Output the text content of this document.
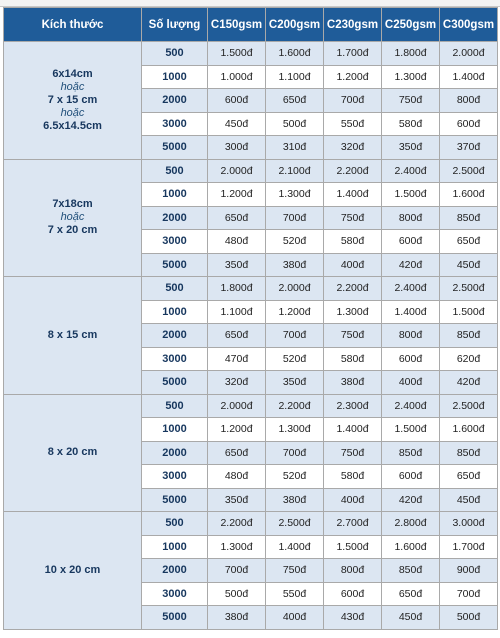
Kích thước	Số lượng	C150gsm	C200gsm	C230gsm	C250gsm	C300gsm

6x14cm
hoặc
7 x 15 cm
hoặc
6.5x14.5cm	500	1.500đ	1.600đ	1.700đ	1.800đ	2.000đ
	1000	1.000đ	1.100đ	1.200đ	1.300đ	1.400đ
	2000	600đ	650đ	700đ	750đ	800đ
	3000	450đ	500đ	550đ	580đ	600đ
	5000	300đ	310đ	320đ	350đ	370đ

7x18cm
hoặc
7 x 20 cm	500	2.000đ	2.100đ	2.200đ	2.400đ	2.500đ
	1000	1.200đ	1.300đ	1.400đ	1.500đ	1.600đ
	2000	650đ	700đ	750đ	800đ	850đ
	3000	480đ	520đ	580đ	600đ	650đ
	5000	350đ	380đ	400đ	420đ	450đ

8 x 15 cm	500	1.800đ	2.000đ	2.200đ	2.400đ	2.500đ
	1000	1.100đ	1.200đ	1.300đ	1.400đ	1.500đ
	2000	650đ	700đ	750đ	800đ	850đ
	3000	470đ	520đ	580đ	600đ	620đ
	5000	320đ	350đ	380đ	400đ	420đ

8 x 20 cm	500	2.000đ	2.200đ	2.300đ	2.400đ	2.500đ
	1000	1.200đ	1.300đ	1.400đ	1.500đ	1.600đ
	2000	650đ	700đ	750đ	850đ	850đ
	3000	480đ	520đ	580đ	600đ	650đ
	5000	350đ	380đ	400đ	420đ	450đ

10 x 20 cm	500	2.200đ	2.500đ	2.700đ	2.800đ	3.000đ
	1000	1.300đ	1.400đ	1.500đ	1.600đ	1.700đ
	2000	700đ	750đ	800đ	850đ	900đ
	3000	500đ	550đ	600đ	650đ	700đ
	5000	380đ	400đ	430đ	450đ	500đ
